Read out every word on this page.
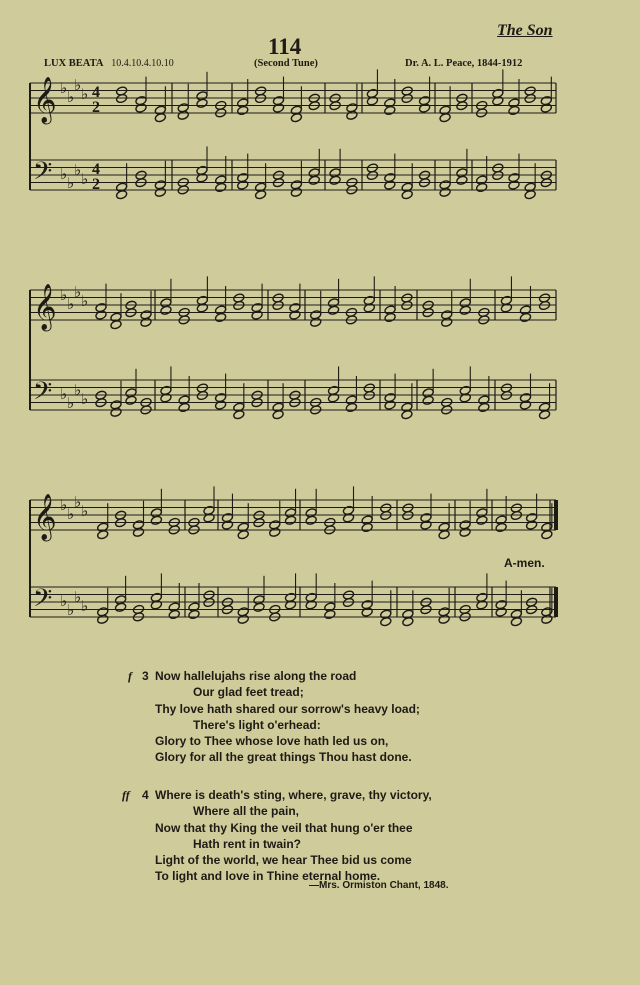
114
The Son
LUX BEATA 10.4.10.4.10.10	(Second Tune)	Dr. A. L. Peace, 1844-1912
𝄞 ♭ ♭
♭ ♭ 4
2
𝄢 ♭ ♭
♭ ♭
4
2
𝄞 ♭ ♭
♭ ♭
𝄢 ♭ ♭
♭ ♭
𝄞 ♭ ♭
♭ ♭
𝄢 ♭ ♭
♭ ♭
A-men.
f 3 Now hallelujahs rise along the road
Our glad feet tread;
Thy love hath shared our sorrow's heavy load;
There's light o'erhead:
Glory to Thee whose love hath led us on,
Glory for all the great things Thou hast done.
ff 4 Where is death's sting, where, grave, thy victory,
Where all the pain,
Now that thy King the veil that hung o'er thee
Hath rent in twain?
Light of the world, we hear Thee bid us come
To light and love in Thine eternal home.
—Mrs. Ormiston Chant, 1848.
